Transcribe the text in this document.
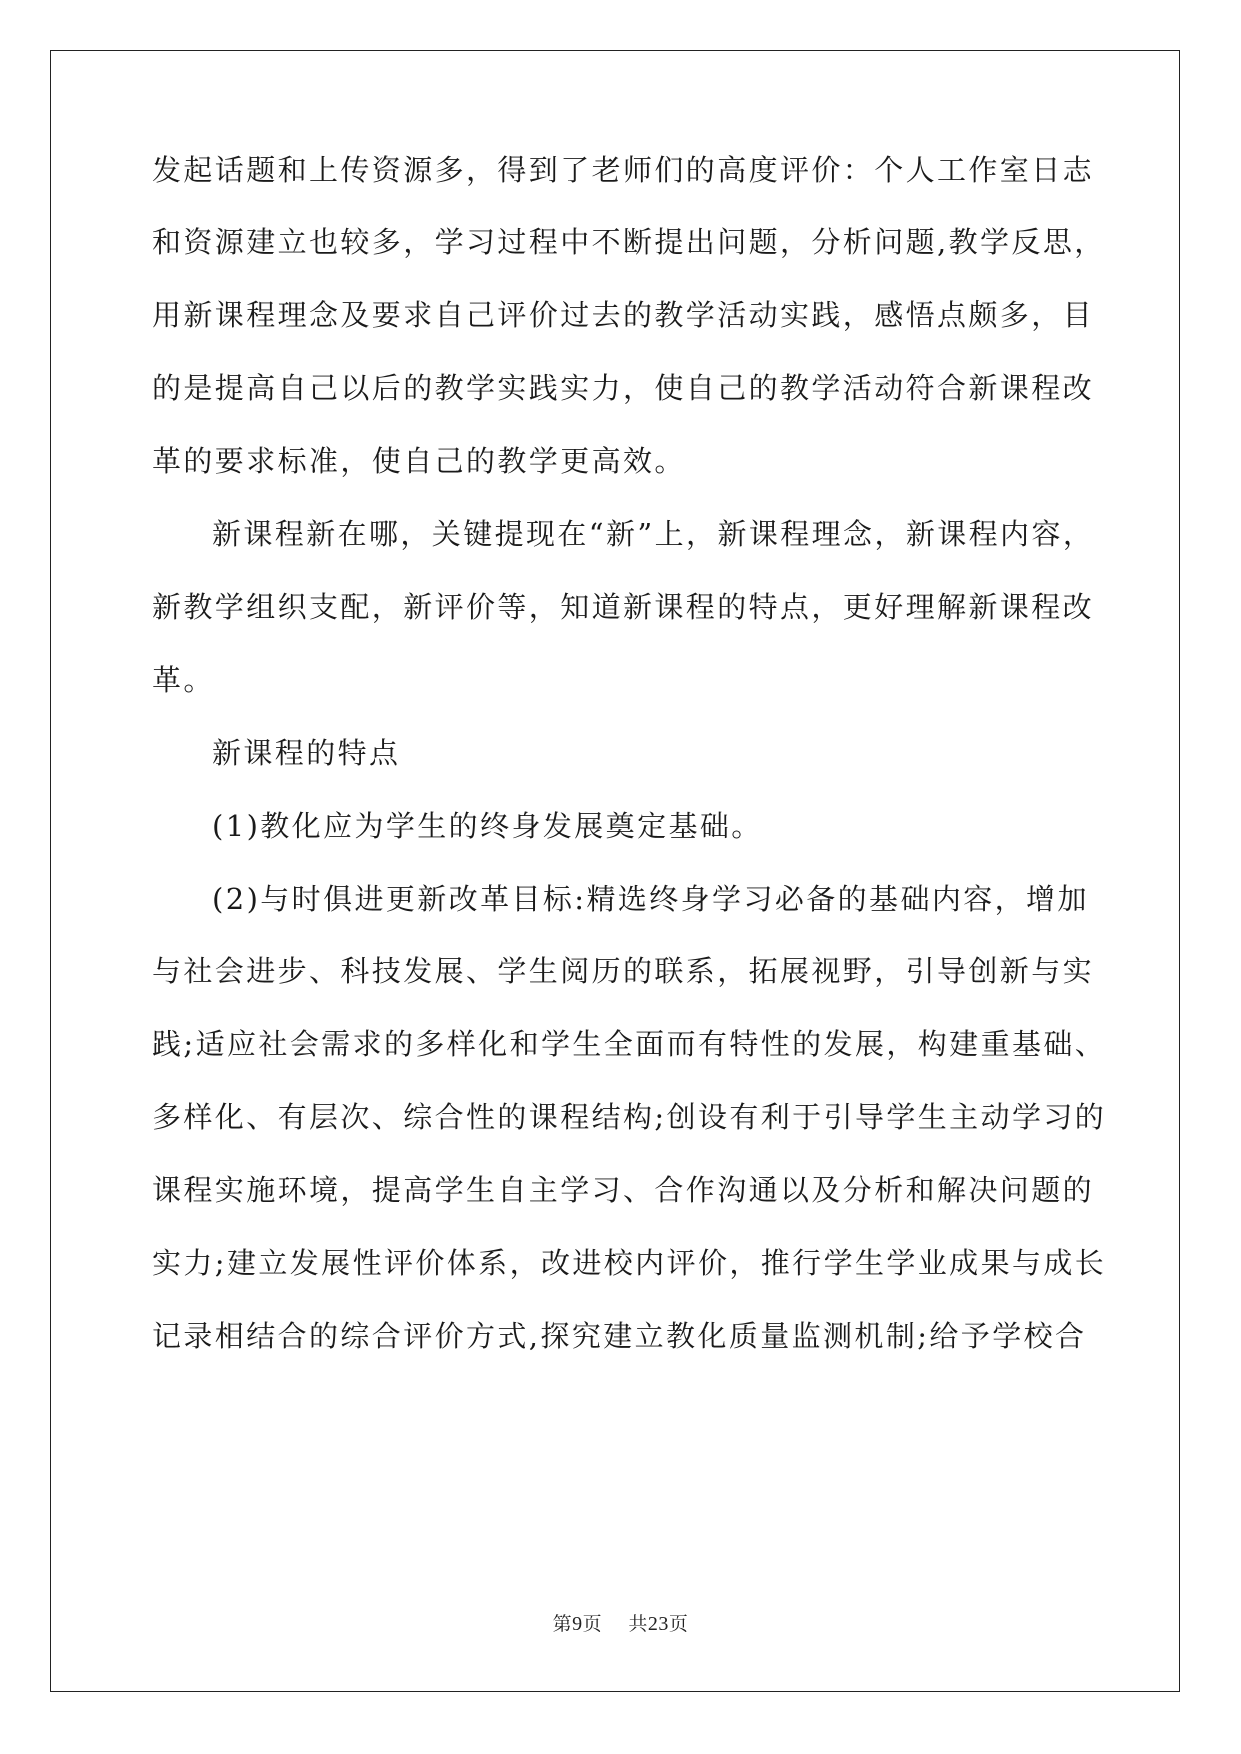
发起话题和上传资源多，得到了老师们的高度评价：个人工作室日志
和资源建立也较多，学习过程中不断提出问题，分析问题,教学反思，
用新课程理念及要求自己评价过去的教学活动实践，感悟点颇多，目
的是提高自己以后的教学实践实力，使自己的教学活动符合新课程改
革的要求标准，使自己的教学更高效。
新课程新在哪，关键提现在“新”上，新课程理念，新课程内容，
新教学组织支配，新评价等，知道新课程的特点，更好理解新课程改
革。
新课程的特点
(1)教化应为学生的终身发展奠定基础。
(2)与时俱进更新改革目标:精选终身学习必备的基础内容，增加
与社会进步、科技发展、学生阅历的联系，拓展视野，引导创新与实
践;适应社会需求的多样化和学生全面而有特性的发展，构建重基础、
多样化、有层次、综合性的课程结构;创设有利于引导学生主动学习的
课程实施环境，提高学生自主学习、合作沟通以及分析和解决问题的
实力;建立发展性评价体系，改进校内评价，推行学生学业成果与成长
记录相结合的综合评价方式,探究建立教化质量监测机制;给予学校合
第9页 共23页
